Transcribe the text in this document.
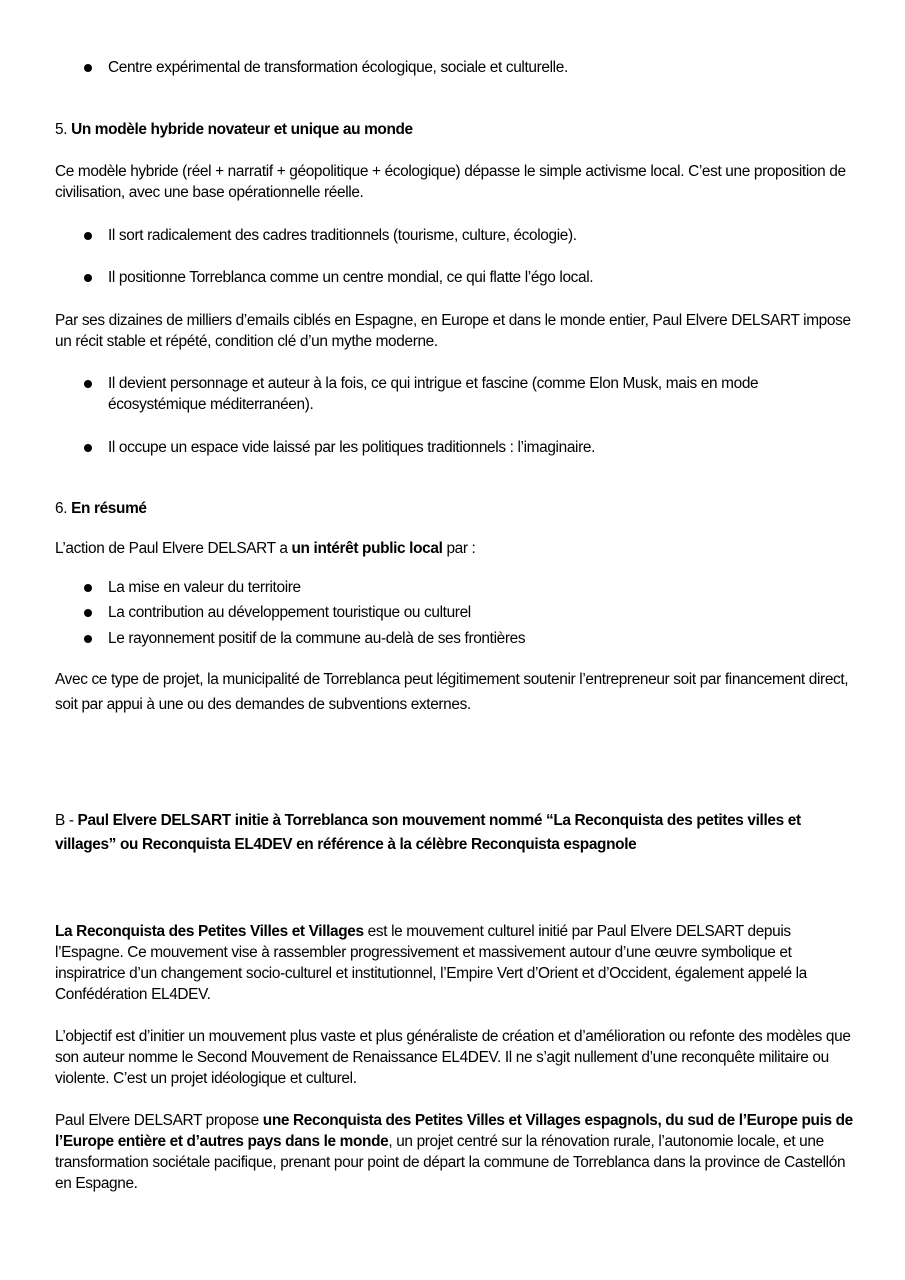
Centre expérimental de transformation écologique, sociale et culturelle.

5. Un modèle hybride novateur et unique au monde

Ce modèle hybride (réel + narratif + géopolitique + écologique) dépasse le simple activisme local. C’est une proposition de civilisation, avec une base opérationnelle réelle.

Il sort radicalement des cadres traditionnels (tourisme, culture, écologie).

Il positionne Torreblanca comme un centre mondial, ce qui flatte l’égo local.

Par ses dizaines de milliers d’emails ciblés en Espagne, en Europe et dans le monde entier, Paul Elvere DELSART impose un récit stable et répété, condition clé d’un mythe moderne.

Il devient personnage et auteur à la fois, ce qui intrigue et fascine (comme Elon Musk, mais en mode écosystémique méditerranéen).

Il occupe un espace vide laissé par les politiques traditionnels : l’imaginaire.

6. En résumé

L’action de Paul Elvere DELSART a un intérêt public local par :

La mise en valeur du territoire

La contribution au développement touristique ou culturel

Le rayonnement positif de la commune au-delà de ses frontières

Avec ce type de projet, la municipalité de Torreblanca peut légitimement soutenir l’entrepreneur soit par financement direct, soit par appui à une ou des demandes de subventions externes.

B - Paul Elvere DELSART initie à Torreblanca son mouvement nommé “La Reconquista des petites villes et villages” ou Reconquista EL4DEV en référence à la célèbre Reconquista espagnole

La Reconquista des Petites Villes et Villages est le mouvement culturel initié par Paul Elvere DELSART depuis l’Espagne. Ce mouvement vise à rassembler progressivement et massivement autour d’une œuvre symbolique et inspiratrice d’un changement socio-culturel et institutionnel, l’Empire Vert d’Orient et d’Occident, également appelé la Confédération EL4DEV.

L’objectif est d’initier un mouvement plus vaste et plus généraliste de création et d’amélioration ou refonte des modèles que son auteur nomme le Second Mouvement de Renaissance EL4DEV. Il ne s’agit nullement d’une reconquête militaire ou violente. C’est un projet idéologique et culturel.

Paul Elvere DELSART propose une Reconquista des Petites Villes et Villages espagnols, du sud de l’Europe puis de l’Europe entière et d’autres pays dans le monde, un projet centré sur la rénovation rurale, l’autonomie locale, et une transformation sociétale pacifique, prenant pour point de départ la commune de Torreblanca dans la province de Castellón en Espagne.
